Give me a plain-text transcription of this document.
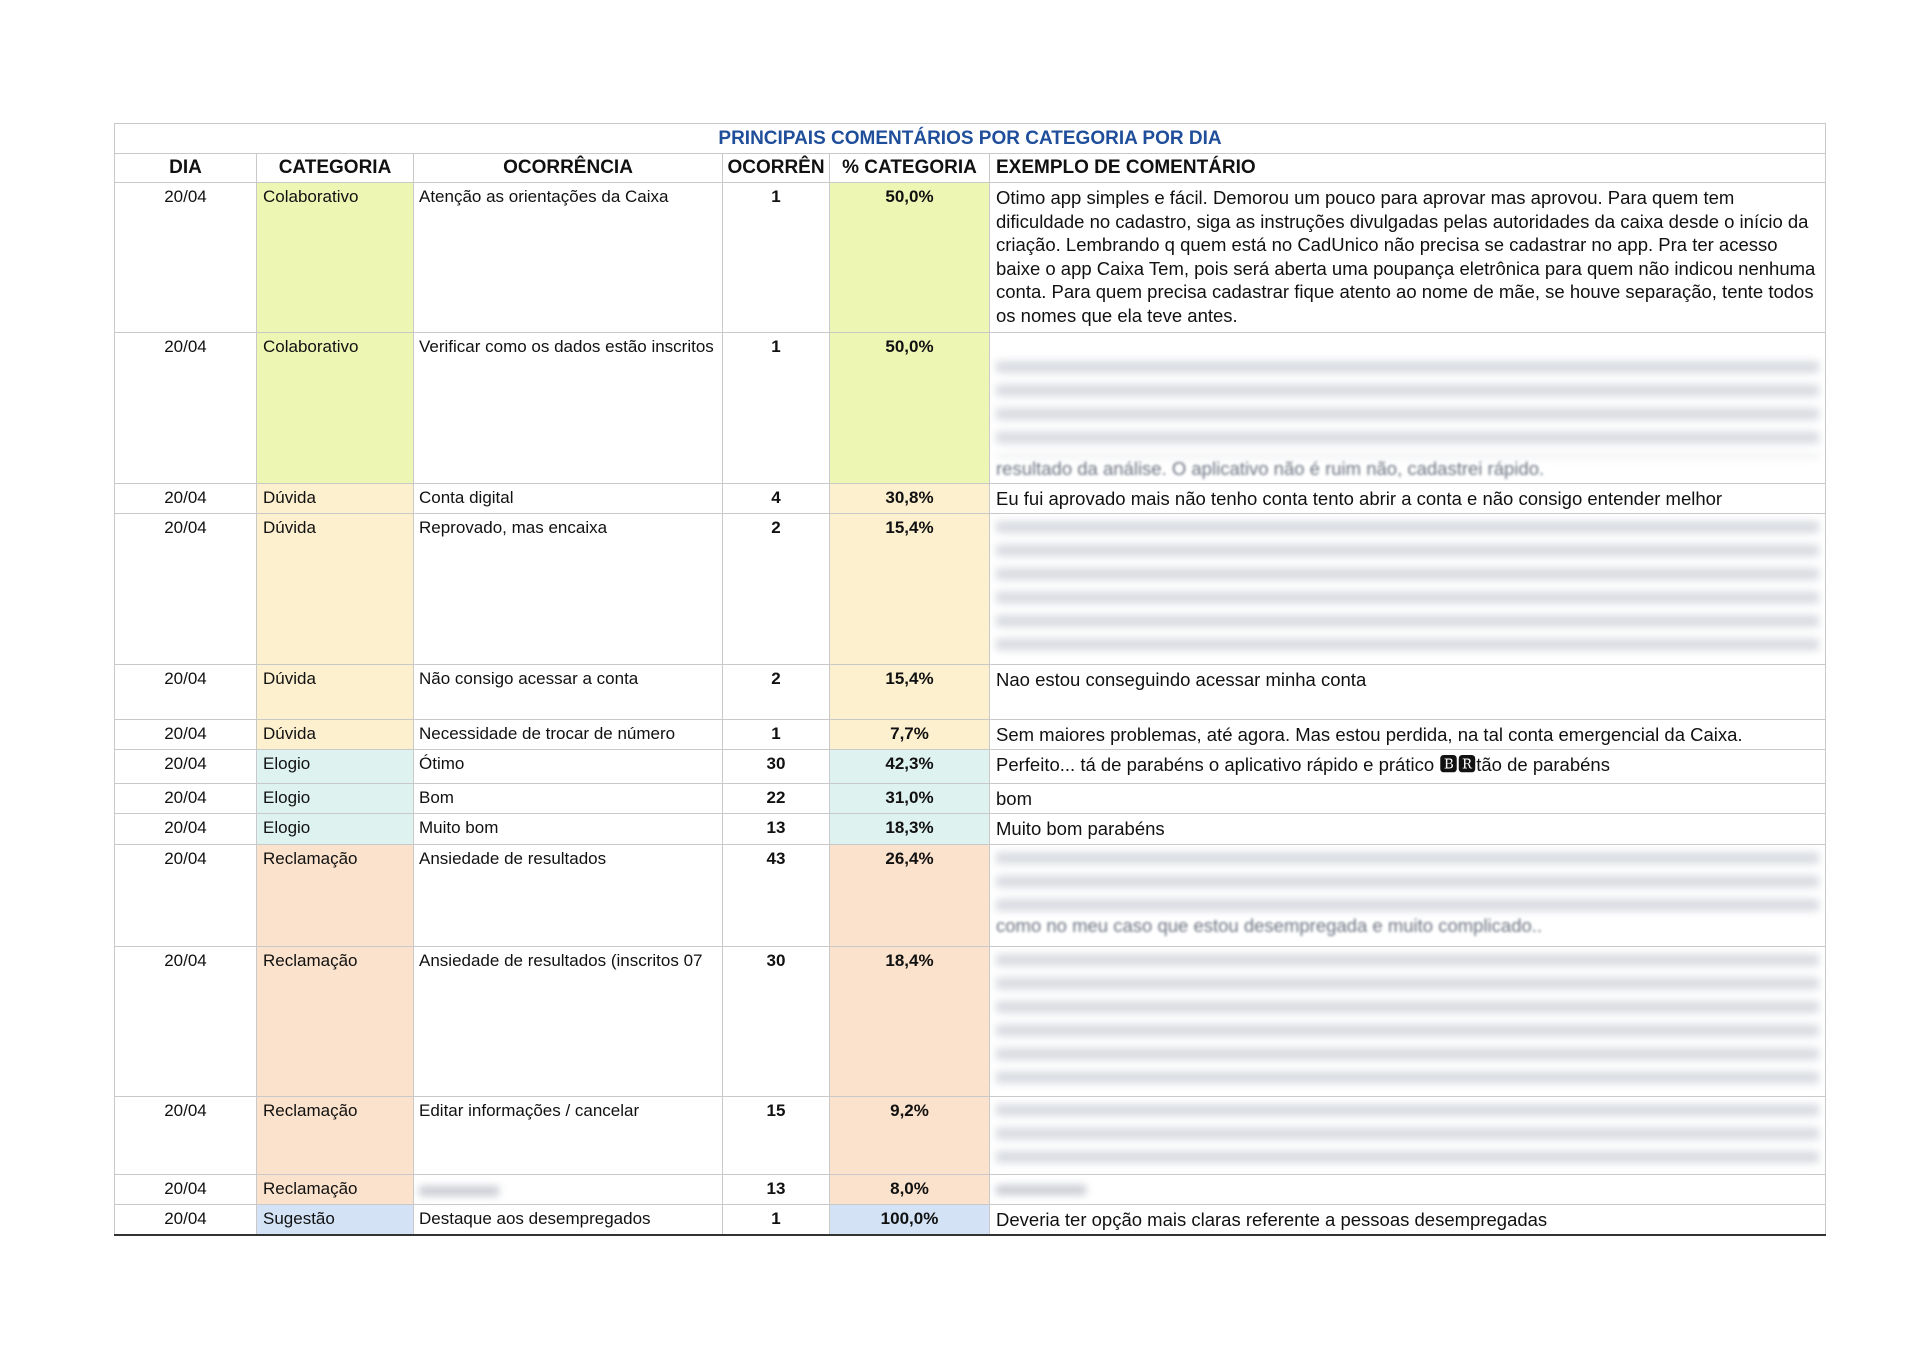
PRINCIPAIS COMENTÁRIOS POR CATEGORIA POR DIA					
DIA	CATEGORIA	OCORRÊNCIA	OCORRÊN	% CATEGORIA	EXEMPLO DE COMENTÁRIO
20/04	Colaborativo	Atenção as orientações da Caixa	1	50,0%	Otimo app simples e fácil. Demorou um pouco para aprovar mas aprovou. Para quem tem dificuldade no cadastro, siga as instruções divulgadas pelas autoridades da caixa desde o início da criação. Lembrando q quem está no CadUnico não precisa se cadastrar no app. Pra ter acesso baixe o app Caixa Tem, pois será aberta uma poupança eletrônica para quem não indicou nenhuma conta. Para quem precisa cadastrar fique atento ao nome de mãe, se houve separação, tente todos os nomes que ela teve antes.
20/04	Colaborativo	Verificar como os dados estão inscritos	1	50,0%	resultado da análise. O aplicativo não é ruim não, cadastrei rápido.

20/04	Dúvida	Conta digital	4	30,8%	Eu fui aprovado mais não tenho conta tento abrir a conta e não consigo entender melhor
20/04	Dúvida	Reprovado, mas encaixa	2	15,4%	

20/04	Dúvida	Não consigo acessar a conta	2	15,4%	Nao estou conseguindo acessar minha conta
20/04	Dúvida	Necessidade de trocar de número	1	7,7%	Sem maiores problemas, até agora. Mas estou perdida, na tal conta emergencial da Caixa.
20/04	Elogio	Ótimo	30	42,3%	Perfeito... tá de parabéns o aplicativo rápido e prático 🅱🆁tão de parabéns
20/04	Elogio	Bom	22	31,0%	bom
20/04	Elogio	Muito bom	13	18,3%	Muito bom parabéns
20/04	Reclamação	Ansiedade de resultados	43	26,4%	como no meu caso que estou desempregada e muito complicado..

20/04	Reclamação	Ansiedade de resultados (inscritos 07	30	18,4%	

20/04	Reclamação	Editar informações / cancelar	15	9,2%	

20/04	Reclamação		13	8,0%	

20/04	Sugestão	Destaque aos desempregados	1	100,0%	Deveria ter opção mais claras referente a pessoas desempregadas
